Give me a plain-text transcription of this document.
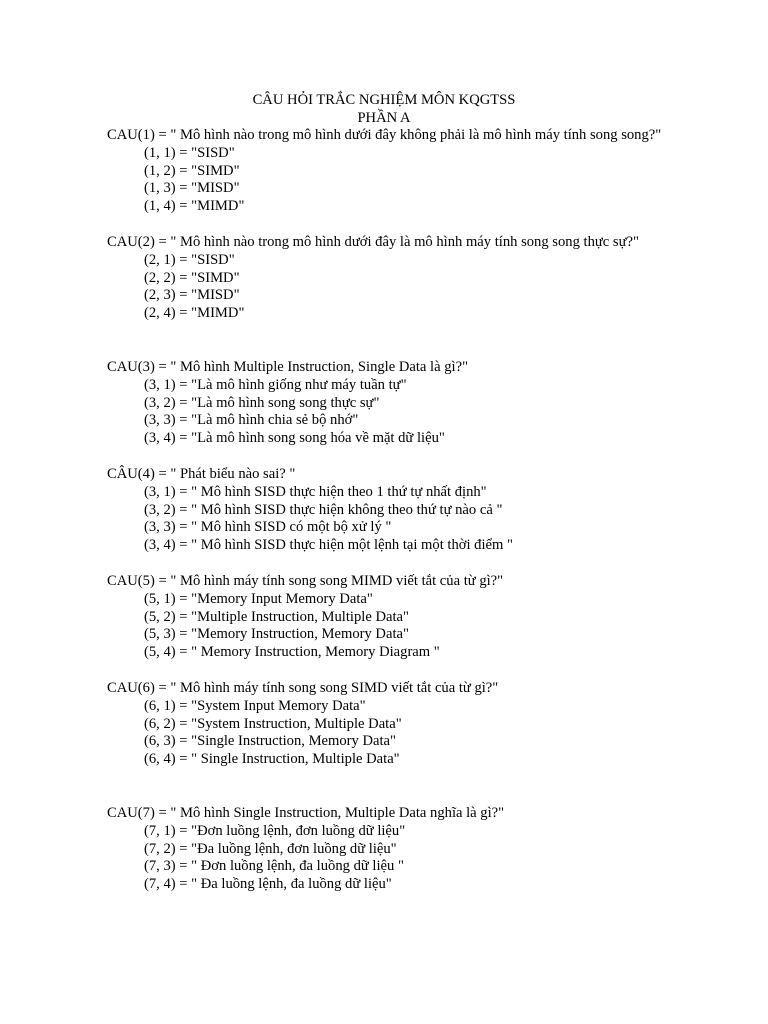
CÂU HỎI TRẮC NGHIỆM MÔN KQGTSS
PHẦN A

CAU(1) = " Mô hình nào trong mô hình dưới đây không phải là mô hình máy tính song song?"

(1, 1) = "SISD"
(1, 2) = "SIMD"
(1, 3) = "MISD"
(1, 4) = "MIMD"

CAU(2) = " Mô hình nào trong mô hình dưới đây là mô hình máy tính song song thực sự?"

(2, 1) = "SISD"
(2, 2) = "SIMD"
(2, 3) = "MISD"
(2, 4) = "MIMD"

CAU(3) = " Mô hình Multiple Instruction, Single Data là gì?"

(3, 1) = "Là mô hình giống như máy tuần tự"
(3, 2) = "Là mô hình song song thực sự"
(3, 3) = "Là mô hình chia sẻ bộ nhớ"
(3, 4) = "Là mô hình song song hóa về mặt dữ liệu"

CÂU(4) = " Phát biểu nào sai? "

(3, 1) = " Mô hình SISD thực hiện theo 1 thứ tự nhất định"
(3, 2) = " Mô hình SISD thực hiện không theo thứ tự nào cả "
(3, 3) = " Mô hình SISD có một bộ xử lý "
(3, 4) = " Mô hình SISD thực hiện một lệnh tại một thời điểm "

CAU(5) = " Mô hình máy tính song song MIMD viết tắt của từ gì?"

(5, 1) = "Memory Input Memory Data"
(5, 2) = "Multiple Instruction, Multiple Data"
(5, 3) = "Memory Instruction, Memory Data"
(5, 4) = " Memory Instruction, Memory Diagram "

CAU(6) = " Mô hình máy tính song song SIMD viết tắt của từ gì?"

(6, 1) = "System Input Memory Data"
(6, 2) = "System Instruction, Multiple Data"
(6, 3) = "Single Instruction, Memory Data"
(6, 4) = " Single Instruction, Multiple Data"

CAU(7) = " Mô hình Single Instruction, Multiple Data nghĩa là gì?"

(7, 1) = "Đơn luồng lệnh, đơn luồng dữ liệu"
(7, 2) = "Đa luồng lệnh, đơn luồng dữ liệu"
(7, 3) = " Đơn luồng lệnh, đa luồng dữ liệu "
(7, 4) = " Đa luồng lệnh, đa luồng dữ liệu"
